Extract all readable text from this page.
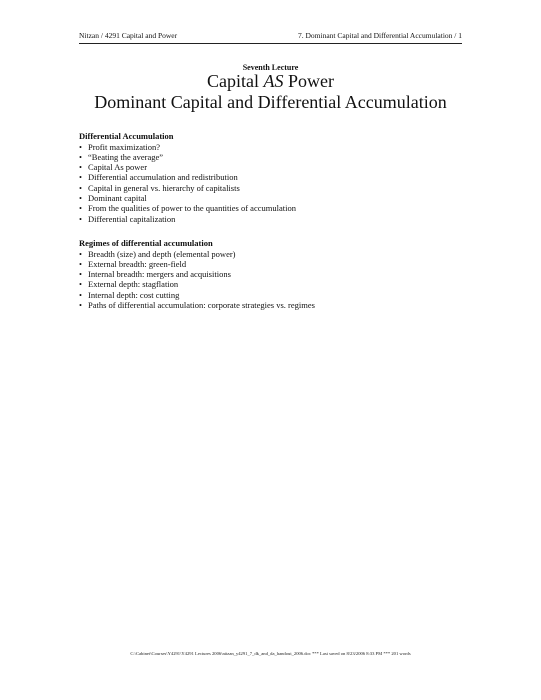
Nitzan / 4291 Capital and Power	7. Dominant Capital and Differential Accumulation / 1
Seventh Lecture
Capital AS Power
Dominant Capital and Differential Accumulation
Differential Accumulation
• Profit maximization?
• “Beating the average”
• Capital As power
• Differential accumulation and redistribution
• Capital in general vs. hierarchy of capitalists
• Dominant capital
• From the qualities of power to the quantities of accumulation
• Differential capitalization
Regimes of differential accumulation
• Breadth (size) and depth (elemental power)
• External breadth: green-field
• Internal breadth: mergers and acquisitions
• External depth: stagflation
• Internal depth: cost cutting
• Paths of differential accumulation: corporate strategies vs. regimes
C:\Cabinet\Courses\Y4291\Y4291 Lectures 2006\nitzan_y4291_7_dk_and_da_handout_2006.doc *** Last saved on 8/23/2006 8:33 PM *** 201 words
